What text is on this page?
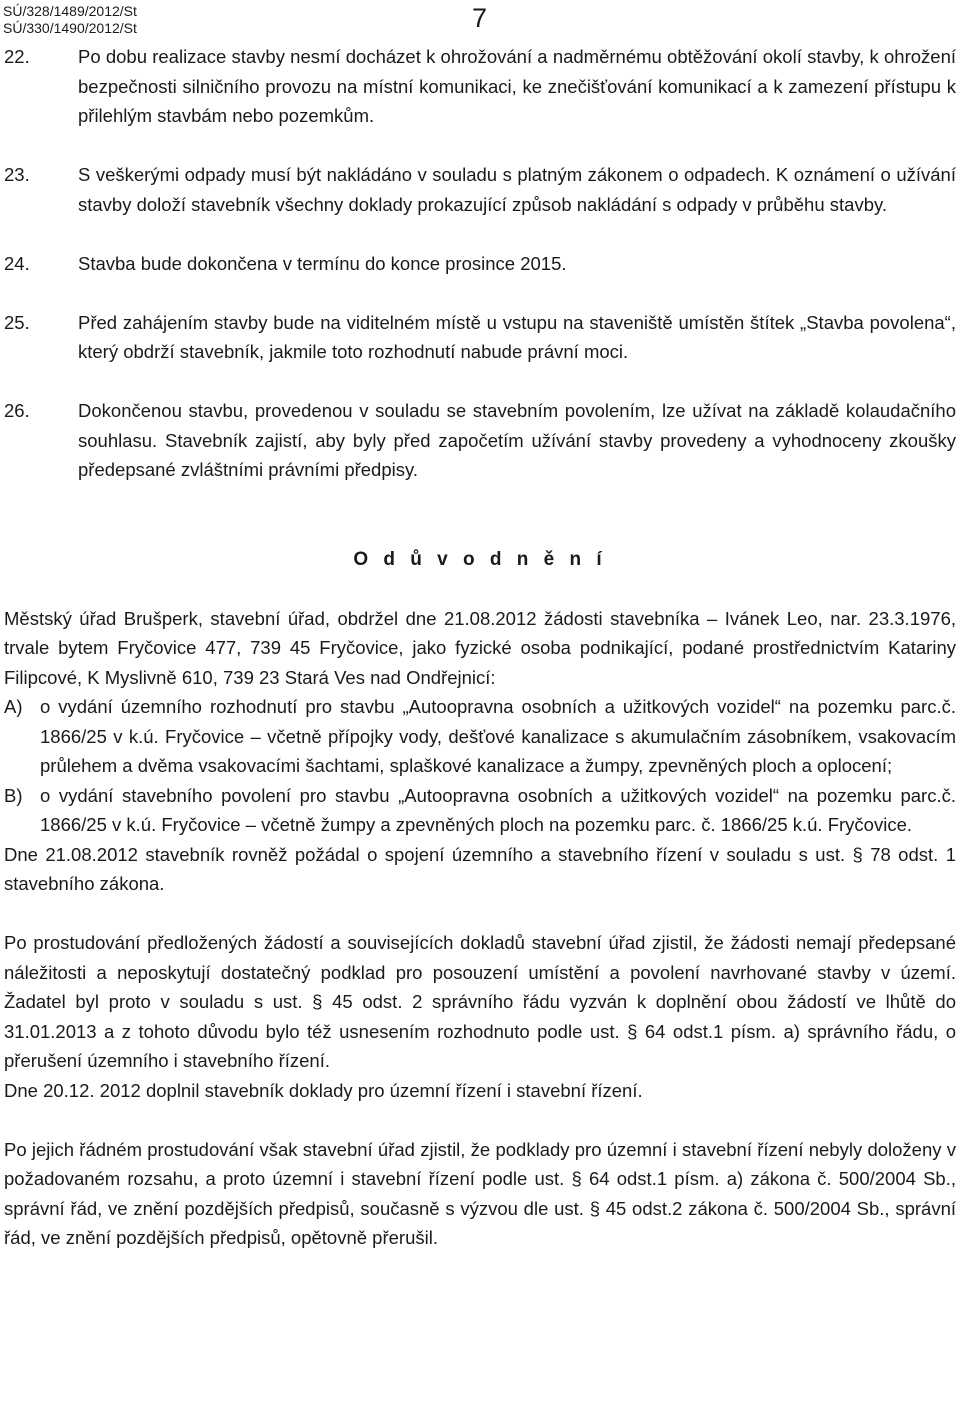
SÚ/328/1489/2012/St
SÚ/330/1490/2012/St	7
22.	Po dobu realizace stavby nesmí docházet k ohrožování a nadměrnému obtěžování okolí stavby, k ohrožení bezpečnosti silničního provozu na místní komunikaci, ke znečišťování komunikací a k zamezení přístupu k přilehlým stavbám nebo pozemkům.
23.	S veškerými odpady musí být nakládáno v souladu s platným zákonem o odpadech. K oznámení o užívání stavby doloží stavebník všechny doklady prokazující způsob nakládání s odpady v průběhu stavby.
24.	Stavba bude dokončena v termínu do konce prosince 2015.
25.	Před zahájením stavby bude na viditelném místě u vstupu na staveniště umístěn štítek „Stavba povolena“, který obdrží stavebník, jakmile toto rozhodnutí nabude právní moci.
26.	Dokončenou stavbu, provedenou v souladu se stavebním povolením, lze užívat na základě kolaudačního souhlasu. Stavebník zajistí, aby byly před započetím užívání stavby provedeny a vyhodnoceny zkoušky předepsané zvláštními právními předpisy.

O d ů v o d n ě n í

Městský úřad Brušperk, stavební úřad, obdržel dne 21.08.2012 žádosti stavebníka – Ivánek Leo, nar. 23.3.1976, trvale bytem Fryčovice 477, 739 45 Fryčovice, jako fyzické osoba podnikající, podané prostřednictvím Katariny Filipcové, K Myslivně 610, 739 23 Stará Ves nad Ondřejnicí:

A) o vydání územního rozhodnutí pro stavbu „Autoopravna osobních a užitkových vozidel“ na pozemku parc.č. 1866/25 v k.ú. Fryčovice – včetně přípojky vody, dešťové kanalizace s akumulačním zásobníkem, vsakovacím průlehem a dvěma vsakovacími šachtami, splaškové kanalizace a žumpy, zpevněných ploch a oplocení;
B) o vydání stavebního povolení pro stavbu „Autoopravna osobních a užitkových vozidel“ na pozemku parc.č. 1866/25 v k.ú. Fryčovice – včetně žumpy a zpevněných ploch na pozemku parc. č. 1866/25 k.ú. Fryčovice.

Dne 21.08.2012 stavebník rovněž požádal o spojení územního a stavebního řízení v souladu s ust. § 78 odst. 1 stavebního zákona.

Po prostudování předložených žádostí a souvisejících dokladů stavební úřad zjistil, že žádosti nemají předepsané náležitosti a neposkytují dostatečný podklad pro posouzení umístění a povolení navrhované stavby v území. Žadatel byl proto v souladu s ust. § 45 odst. 2 správního řádu vyzván k doplnění obou žádostí ve lhůtě do 31.01.2013 a z tohoto důvodu bylo též usnesením rozhodnuto podle ust. § 64 odst.1 písm. a) správního řádu, o přerušení územního i stavebního řízení.

Dne 20.12. 2012 doplnil stavebník doklady pro územní řízení i stavební řízení.

Po jejich řádném prostudování však stavební úřad zjistil, že podklady pro územní i stavební řízení nebyly doloženy v požadovaném rozsahu, a proto územní i stavební řízení podle ust. § 64 odst.1 písm. a) zákona č. 500/2004 Sb., správní řád, ve znění pozdějších předpisů, současně s výzvou dle ust. § 45 odst.2 zákona č. 500/2004 Sb., správní řád, ve znění pozdějších předpisů, opětovně přerušil.
